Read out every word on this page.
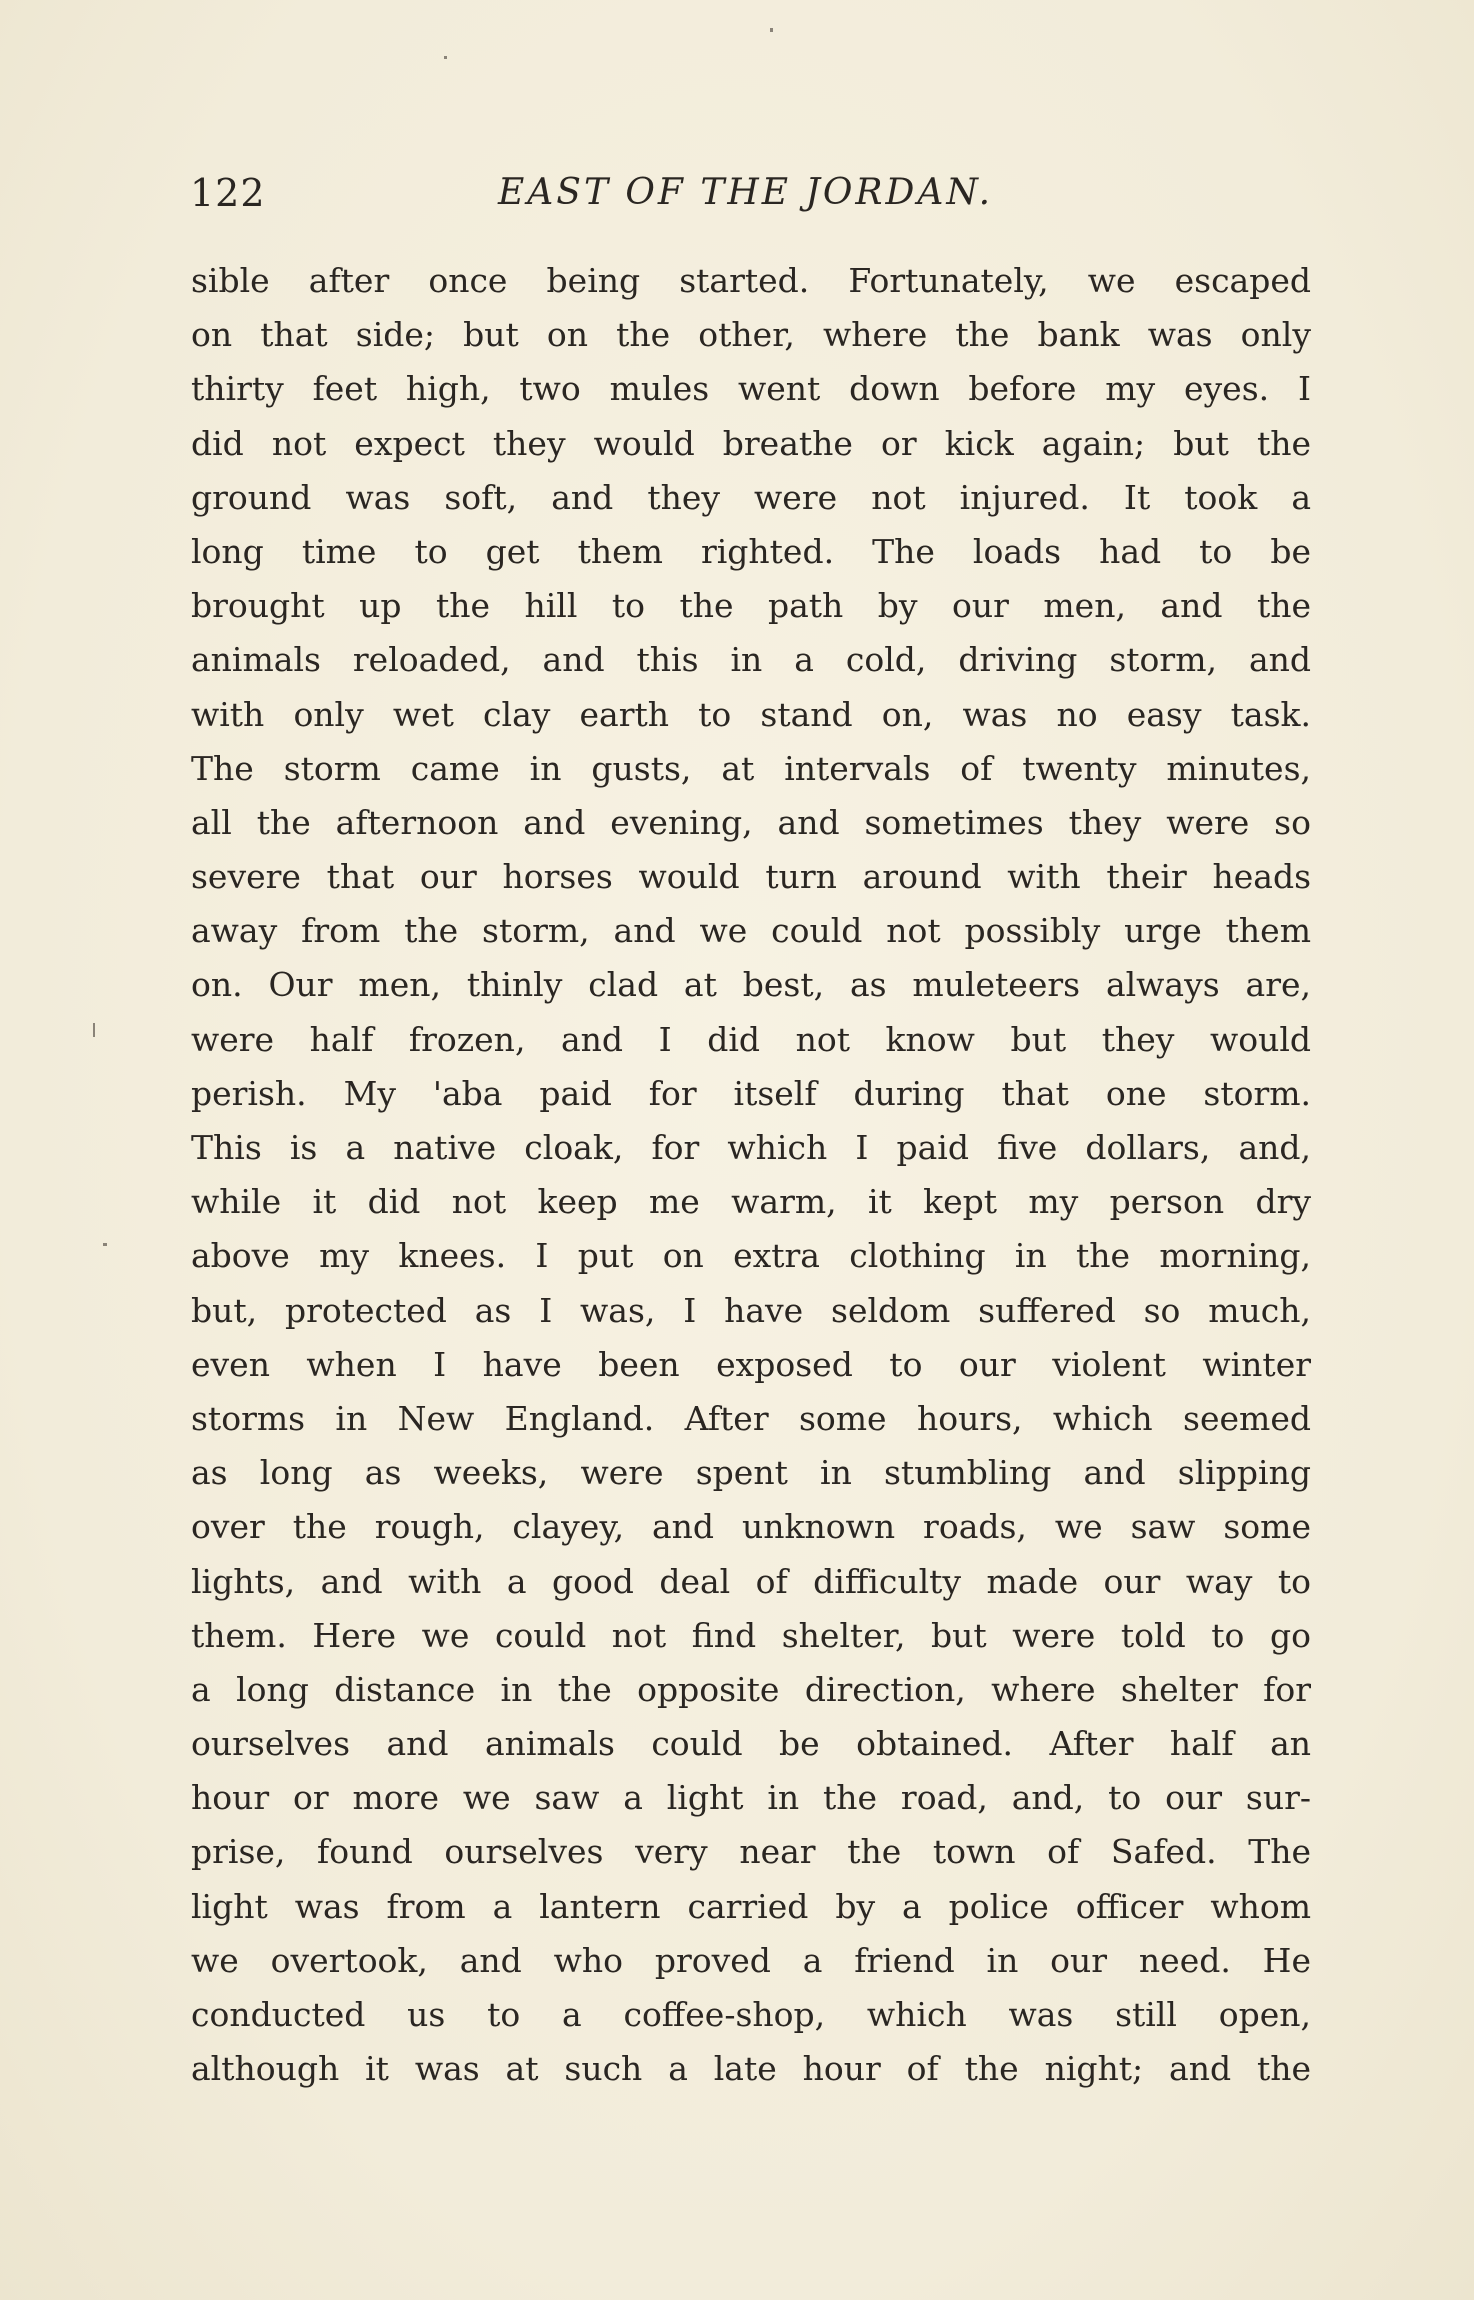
122	EAST OF THE JORDAN.
sible after once being started. Fortunately, we escaped
on that side; but on the other, where the bank was only
thirty feet high, two mules went down before my eyes. I
did not expect they would breathe or kick again; but the
ground was soft, and they were not injured. It took a
long time to get them righted. The loads had to be
brought up the hill to the path by our men, and the
animals reloaded, and this in a cold, driving storm, and
with only wet clay earth to stand on, was no easy task.
The storm came in gusts, at intervals of twenty minutes,
all the afternoon and evening, and sometimes they were so
severe that our horses would turn around with their heads
away from the storm, and we could not possibly urge them
on. Our men, thinly clad at best, as muleteers always are,
were half frozen, and I did not know but they would
perish. My 'aba paid for itself during that one storm.
This is a native cloak, for which I paid five dollars, and,
while it did not keep me warm, it kept my person dry
above my knees. I put on extra clothing in the morning,
but, protected as I was, I have seldom suffered so much,
even when I have been exposed to our violent winter
storms in New England. After some hours, which seemed
as long as weeks, were spent in stumbling and slipping
over the rough, clayey, and unknown roads, we saw some
lights, and with a good deal of difficulty made our way to
them. Here we could not find shelter, but were told to go
a long distance in the opposite direction, where shelter for
ourselves and animals could be obtained. After half an
hour or more we saw a light in the road, and, to our sur-
prise, found ourselves very near the town of Safed. The
light was from a lantern carried by a police officer whom
we overtook, and who proved a friend in our need. He
conducted us to a coffee-shop, which was still open,
although it was at such a late hour of the night; and the
